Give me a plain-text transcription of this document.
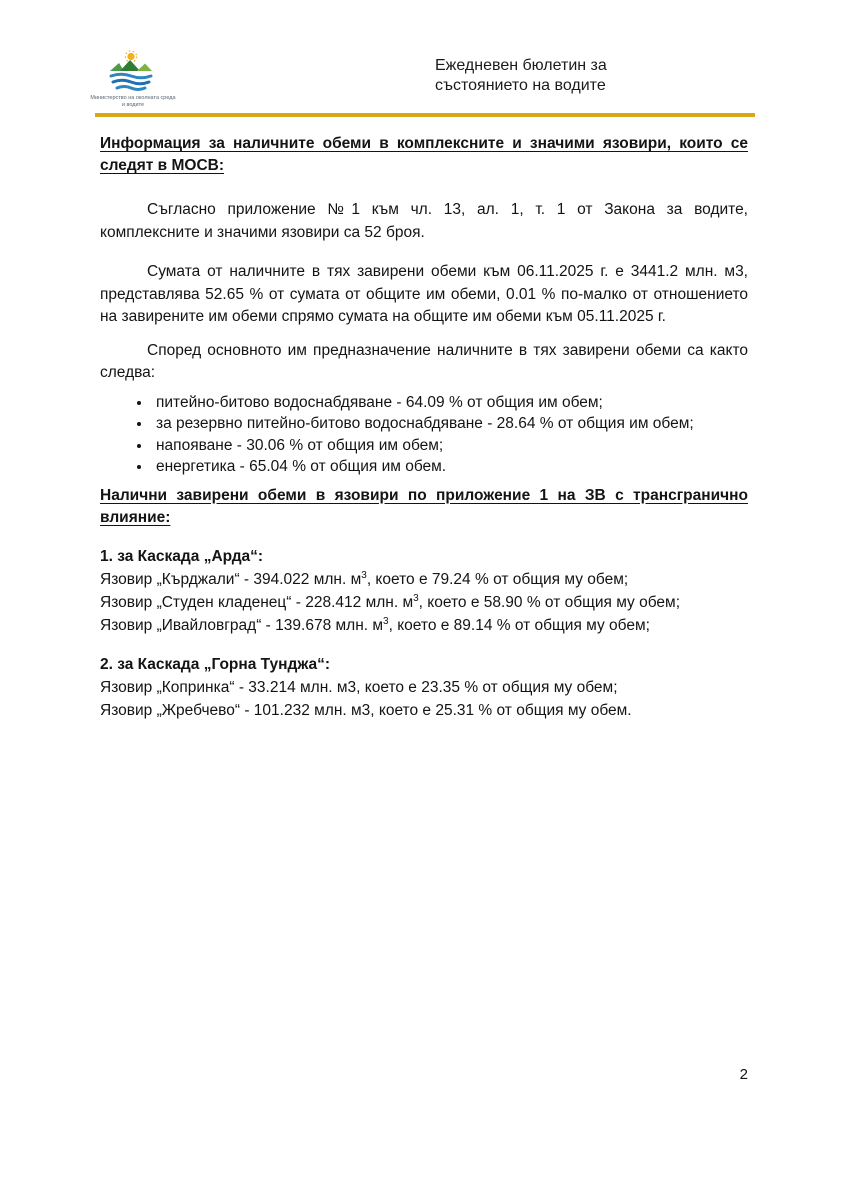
Министерство на околната среда и водите
Ежедневен бюлетин за
състоянието на водите

Информация за наличните обеми в комплексните и значими язовири, които се следят в МОСВ:

Съгласно приложение №1 към чл. 13, ал. 1, т. 1 от Закона за водите, комплексните и значими язовири са 52 броя.

Сумата от наличните в тях завирени обеми към 06.11.2025 г. е 3441.2 млн. м3, представлява 52.65 % от сумата от общите им обеми, 0.01 % по-малко от отношението на завирените им обеми спрямо сумата на общите им обеми към 05.11.2025 г.

Според основното им предназначение наличните в тях завирени обеми са както следва:

• питейно-битово водоснабдяване - 64.09 % от общия им обем;
• за резервно питейно-битово водоснабдяване - 28.64 % от общия им обем;
• напояване - 30.06 % от общия им обем;
• енергетика - 65.04 % от общия им обем.

Налични завирени обеми в язовири по приложение 1 на ЗВ с трансгранично влияние:

1. за Каскада „Арда“:

Язовир „Кърджали“ - 394.022 млн. $м^3$, което е 79.24 % от общия му обем;

Язовир „Студен кладенец“ - 228.412 млн. $м^3$, което е 58.90 % от общия му обем;

Язовир „Ивайловград“ - 139.678 млн. $м^3$, което е 89.14 % от общия му обем;

2. за Каскада „Горна Тунджа“:

Язовир „Копринка“ - 33.214 млн. м3, което е 23.35 % от общия му обем;

Язовир „Жребчево“ - 101.232 млн. м3, което е 25.31 % от общия му обем.

2
